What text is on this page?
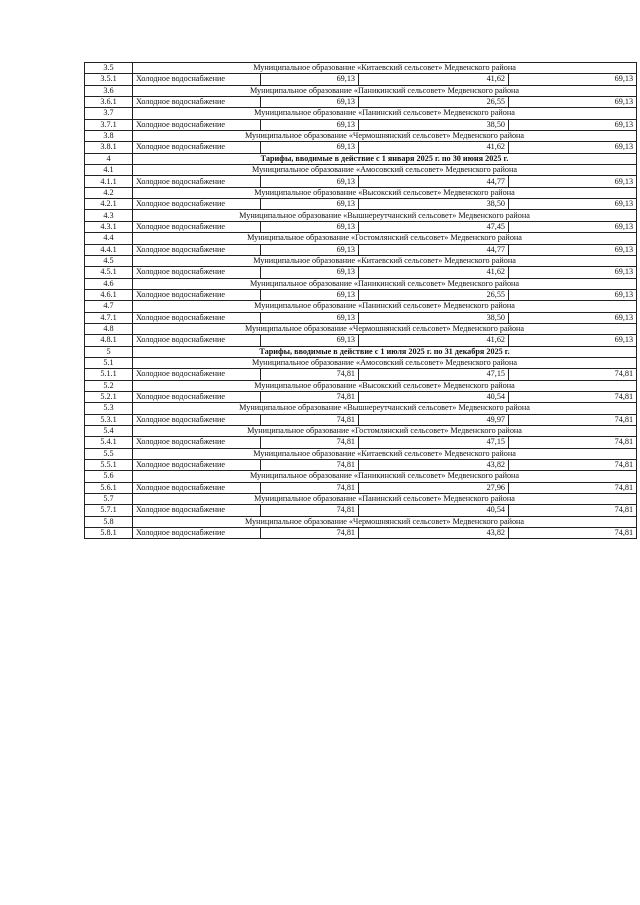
3.5	Муниципальное образование «Китаевский сельсовет» Медвенского района			
3.5.1	Холодное водоснабжение	69,13	41,62	69,13
3.6	Муниципальное образование «Паникинский сельсовет» Медвенского района			
3.6.1	Холодное водоснабжение	69,13	26,55	69,13
3.7	Муниципальное образование «Панинский сельсовет» Медвенского района			
3.7.1	Холодное водоснабжение	69,13	38,50	69,13
3.8	Муниципальное образование «Чермошнянский сельсовет» Медвенского района			
3.8.1	Холодное водоснабжение	69,13	41,62	69,13
4	Тарифы, вводимые в действие с 1 января 2025 г. по 30 июня 2025 г.			
4.1	Муниципальное образование «Амосовский сельсовет» Медвенского района			
4.1.1	Холодное водоснабжение	69,13	44,77	69,13
4.2	Муниципальное образование «Высокский сельсовет» Медвенского района			
4.2.1	Холодное водоснабжение	69,13	38,50	69,13
4.3	Муниципальное образование «Вышнереутчанский сельсовет» Медвенского района			
4.3.1	Холодное водоснабжение	69,13	47,45	69,13
4.4	Муниципальное образование «Гостомлянский сельсовет» Медвенского района			
4.4.1	Холодное водоснабжение	69,13	44,77	69,13
4.5	Муниципальное образование «Китаевский сельсовет» Медвенского района			
4.5.1	Холодное водоснабжение	69,13	41,62	69,13
4.6	Муниципальное образование «Паникинский сельсовет» Медвенского района			
4.6.1	Холодное водоснабжение	69,13	26,55	69,13
4.7	Муниципальное образование «Панинский сельсовет» Медвенского района			
4.7.1	Холодное водоснабжение	69,13	38,50	69,13
4.8	Муниципальное образование «Чермошнянский сельсовет» Медвенского района			
4.8.1	Холодное водоснабжение	69,13	41,62	69,13
5	Тарифы, вводимые в действие с 1 июля 2025 г. по 31 декабря 2025 г.			
5.1	Муниципальное образование «Амосовский сельсовет» Медвенского района			
5.1.1	Холодное водоснабжение	74,81	47,15	74,81
5.2	Муниципальное образование «Высокский сельсовет» Медвенского района			
5.2.1	Холодное водоснабжение	74,81	40,54	74,81
5.3	Муниципальное образование «Вышнереутчанский сельсовет» Медвенского района			
5.3.1	Холодное водоснабжение	74,81	49,97	74,81
5.4	Муниципальное образование «Гостомлянский сельсовет» Медвенского района			
5.4.1	Холодное водоснабжение	74,81	47,15	74,81
5.5	Муниципальное образование «Китаевский сельсовет» Медвенского района			
5.5.1	Холодное водоснабжение	74,81	43,82	74,81
5.6	Муниципальное образование «Паникинский сельсовет» Медвенского района			
5.6.1	Холодное водоснабжение	74,81	27,96	74,81
5.7	Муниципальное образование «Панинский сельсовет» Медвенского района			
5.7.1	Холодное водоснабжение	74,81	40,54	74,81
5.8	Муниципальное образование «Чермошнянский сельсовет» Медвенского района			
5.8.1	Холодное водоснабжение	74,81	43,82	74,81
